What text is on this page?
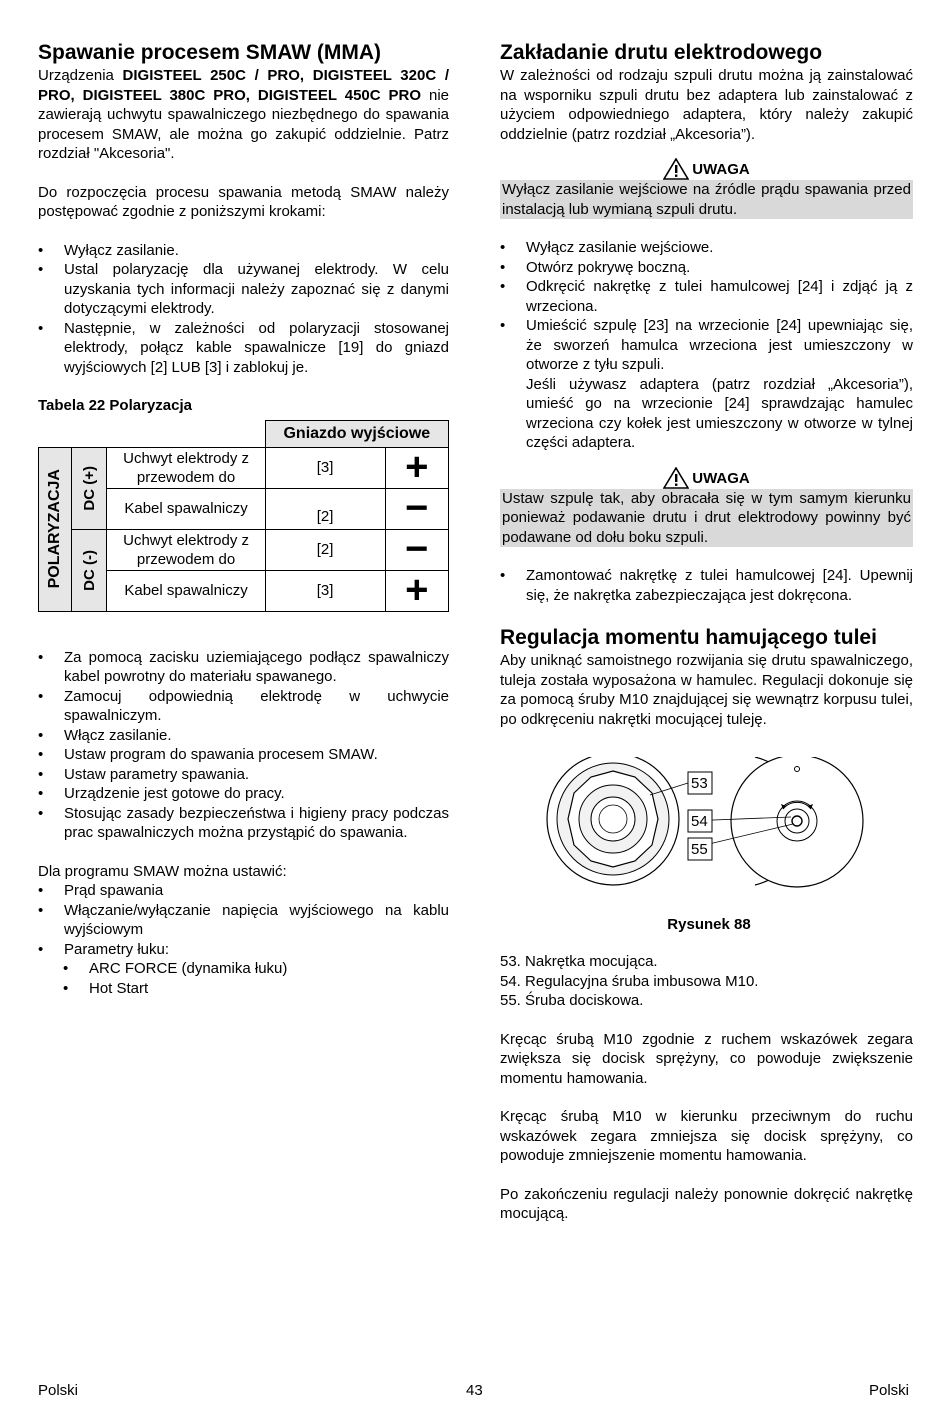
Spawanie procesem SMAW (MMA)

Urządzenia DIGISTEEL 250C / PRO, DIGISTEEL 320C / PRO, DIGISTEEL 380C PRO, DIGISTEEL 450C PRO nie zawierają uchwytu spawalniczego niezbędnego do spawania procesem SMAW, ale można go zakupić oddzielnie. Patrz rozdział "Akcesoria".

Do rozpoczęcia procesu spawania metodą SMAW należy postępować zgodnie z poniższymi krokami:

• Wyłącz zasilanie.
• Ustal polaryzację dla używanej elektrody. W celu uzyskania tych informacji należy zapoznać się z danymi dotyczącymi elektrody.
• Następnie, w zależności od polaryzacji stosowanej elektrody, połącz kable spawalnicze [19] do gniazd wyjściowych [2] LUB [3] i zablokuj je.
Tabela 22 Polaryzacja
			Gniazdo wyjściowe	

POLARYZACJA	DC (+)	Uchwyt elektrody z przewodem do	[3]	+
		Kabel spawalniczy	[2]	−

	DC (-)	Uchwyt elektrody z przewodem do	[2]	−
		Kabel spawalniczy	[3]	+
• Za pomocą zacisku uziemiającego podłącz spawalniczy kabel powrotny do materiału spawanego.
• Zamocuj odpowiednią elektrodę w uchwycie spawalniczym.
• Włącz zasilanie.
• Ustaw program do spawania procesem SMAW.
• Ustaw parametry spawania.
• Urządzenie jest gotowe do pracy.
• Stosując zasady bezpieczeństwa i higieny pracy podczas prac spawalniczych można przystąpić do spawania.

Dla programu SMAW można ustawić:

• Prąd spawania
• Włączanie/wyłączanie napięcia wyjściowego na kablu wyjściowym
• Parametry łuku:
• ARC FORCE (dynamika łuku)
• Hot Start
Zakładanie drutu elektrodowego

W zależności od rodzaju szpuli drutu można ją zainstalować na wsporniku szpuli drutu bez adaptera lub zainstalować z użyciem odpowiedniego adaptera, który należy zakupić oddzielnie (patrz rozdział „Akcesoria”).

UWAGA

Wyłącz zasilanie wejściowe na źródle prądu spawania przed instalacją lub wymianą szpuli drutu.

• Wyłącz zasilanie wejściowe.
• Otwórz pokrywę boczną.
• Odkręcić nakrętkę z tulei hamulcowej [24] i zdjąć ją z wrzeciona.
• Umieścić szpulę [23] na wrzecionie [24] upewniając się, że sworzeń hamulca wrzeciona jest umieszczony w otworze z tyłu szpuli.

Jeśli używasz adaptera (patrz rozdział „Akcesoria”), umieść go na wrzecionie [24] sprawdzając hamulec wrzeciona czy kołek jest umieszczony w otworze w tylnej części adaptera.

UWAGA

Ustaw szpulę tak, aby obracała się w tym samym kierunku ponieważ podawanie drutu i drut elektrodowy powinny być podawane od dołu boku szpuli.

• Zamontować nakrętkę z tulei hamulcowej [24]. Upewnij się, że nakrętka zabezpieczająca jest dokręcona.
Regulacja momentu hamującego tulei

Aby uniknąć samoistnego rozwijania się drutu spawalniczego, tuleja została wyposażona w hamulec. Regulacji dokonuje się za pomocą śruby M10 znajdującej się wewnątrz korpusu tulei, po odkręceniu nakrętki mocującej tuleję.

53
54
55
Rysunek 88
53. Nakrętka mocująca.
54. Regulacyjna śruba imbusowa M10.
55. Śruba dociskowa.

Kręcąc śrubą M10 zgodnie z ruchem wskazówek zegara zwiększa się docisk sprężyny, co powoduje zwiększenie momentu hamowania.

Kręcąc śrubą M10 w kierunku przeciwnym do ruchu wskazówek zegara zmniejsza się docisk sprężyny, co powoduje zmniejszenie momentu hamowania.

Po zakończeniu regulacji należy ponownie dokręcić nakrętkę mocującą.

Polski	43	Polski
